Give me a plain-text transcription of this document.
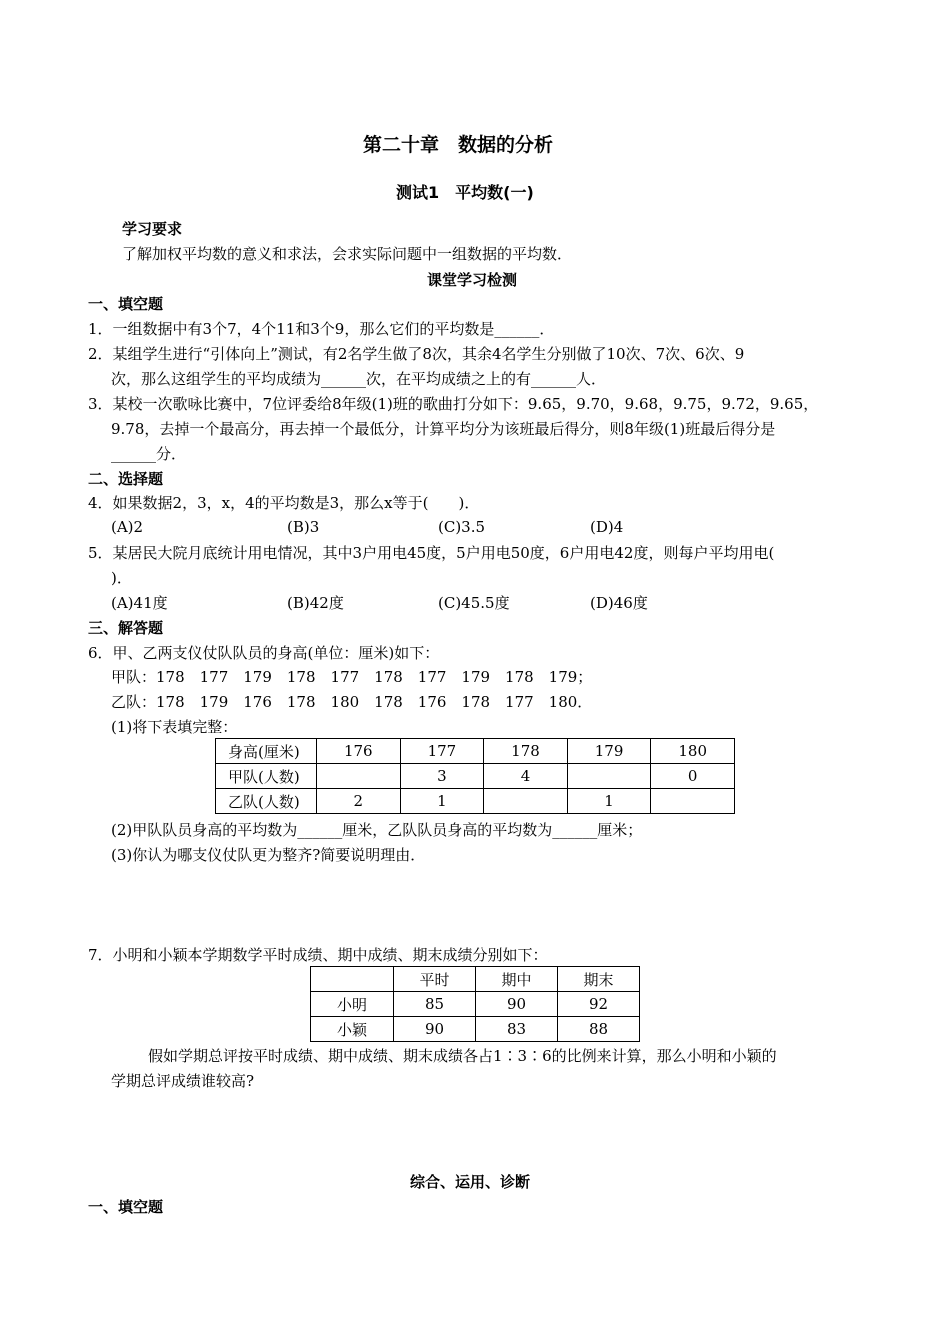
第二十章　数据的分析
测试1　平均数(一)
学习要求
了解加权平均数的意义和求法，会求实际问题中一组数据的平均数．
课堂学习检测
一、填空题
1．一组数据中有3个7，4个11和3个9，那么它们的平均数是______．
2．某组学生进行“引体向上”测试，有2名学生做了8次，其余4名学生分别做了10次、7次、6次、9
次，那么这组学生的平均成绩为______次，在平均成绩之上的有______人．
3．某校一次歌咏比赛中，7位评委给8年级(1)班的歌曲打分如下：9.65，9.70，9.68，9.75，9.72，9.65，
9.78，去掉一个最高分，再去掉一个最低分，计算平均分为该班最后得分，则8年级(1)班最后得分是
______分．
二、选择题
4．如果数据2，3，x，4的平均数是3，那么x等于(　　)．
(A)2	(B)3	(C)3.5	(D)4
5．某居民大院月底统计用电情况，其中3户用电45度，5户用电50度，6户用电42度，则每户平均用电(
)．
(A)41度	(B)42度	(C)45.5度	(D)46度
三、解答题
6．甲、乙两支仪仗队队员的身高(单位：厘米)如下：
甲队：178　177　179　178　177　178　177　179　178　179；
乙队：178　179　176　178　180　178　176　178　177　180．
(1)将下表填完整：
身高(厘米)	176	177	178	179	180
甲队(人数)		3	4		0
乙队(人数)	2	1		1	
(2)甲队队员身高的平均数为______厘米，乙队队员身高的平均数为______厘米；
(3)你认为哪支仪仗队更为整齐?简要说明理由．
7．小明和小颖本学期数学平时成绩、期中成绩、期末成绩分别如下：
	平时	期中	期末
小明	85	90	92
小颖	90	83	88
假如学期总评按平时成绩、期中成绩、期末成绩各占1∶3∶6的比例来计算，那么小明和小颖的
学期总评成绩谁较高?
综合、运用、诊断
一、填空题
